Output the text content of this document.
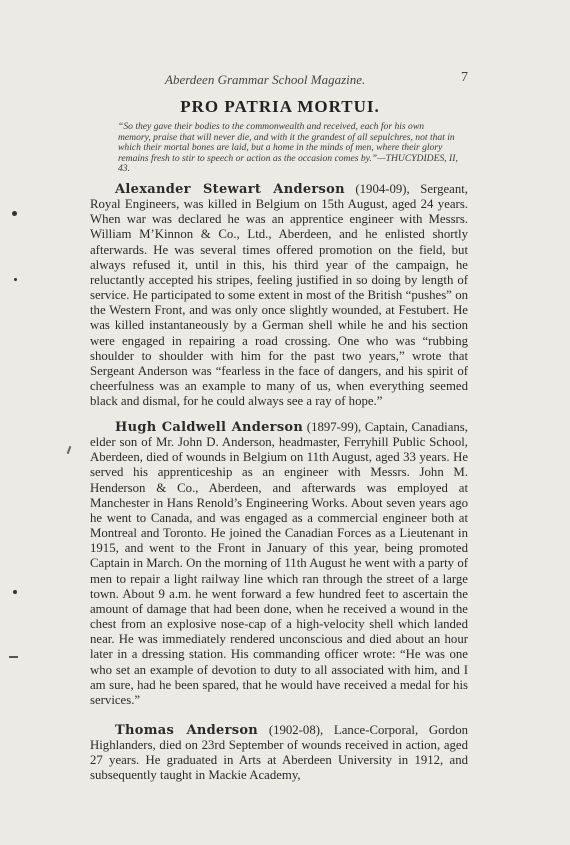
Aberdeen Grammar School Magazine.	7
PRO PATRIA MORTUI.
“So they gave their bodies to the commonwealth and received, each for his own memory, praise that will never die, and with it the grandest of all sepulchres, not that in which their mortal bones are laid, but a home in the minds of men, where their glory remains fresh to stir to speech or action as the occasion comes by.”—THUCYDIDES, II, 43.

Alexander Stewart Anderson (1904-09), Sergeant, Royal Engineers, was killed in Belgium on 15th August, aged 24 years. When war was declared he was an apprentice engineer with Messrs. William M’Kinnon & Co., Ltd., Aberdeen, and he enlisted shortly afterwards. He was several times offered promotion on the field, but always refused it, until in this, his third year of the campaign, he reluctantly accepted his stripes, feeling justified in so doing by length of service. He participated to some extent in most of the British “pushes” on the Western Front, and was only once slightly wounded, at Festubert. He was killed instantaneously by a German shell while he and his section were engaged in repairing a road crossing. One who was “rubbing shoulder to shoulder with him for the past two years,” wrote that Sergeant Anderson was “fearless in the face of dangers, and his spirit of cheerfulness was an example to many of us, when everything seemed black and dismal, for he could always see a ray of hope.”

Hugh Caldwell Anderson (1897-99), Captain, Canadians, elder son of Mr. John D. Anderson, headmaster, Ferryhill Public School, Aberdeen, died of wounds in Belgium on 11th August, aged 33 years. He served his apprenticeship as an engineer with Messrs. John M. Henderson & Co., Aberdeen, and afterwards was employed at Manchester in Hans Renold’s Engineering Works. About seven years ago he went to Canada, and was engaged as a commercial engineer both at Montreal and Toronto. He joined the Canadian Forces as a Lieutenant in 1915, and went to the Front in January of this year, being promoted Captain in March. On the morning of 11th August he went with a party of men to repair a light railway line which ran through the street of a large town. About 9 a.m. he went forward a few hundred feet to ascertain the amount of damage that had been done, when he received a wound in the chest from an explosive nose-cap of a high-velocity shell which landed near. He was immediately rendered unconscious and died about an hour later in a dressing station. His commanding officer wrote: “He was one who set an example of devotion to duty to all associated with him, and I am sure, had he been spared, that he would have received a medal for his services.”

Thomas Anderson (1902-08), Lance-Corporal, Gordon Highlanders, died on 23rd September of wounds received in action, aged 27 years. He graduated in Arts at Aberdeen University in 1912, and subsequently taught in Mackie Academy,
